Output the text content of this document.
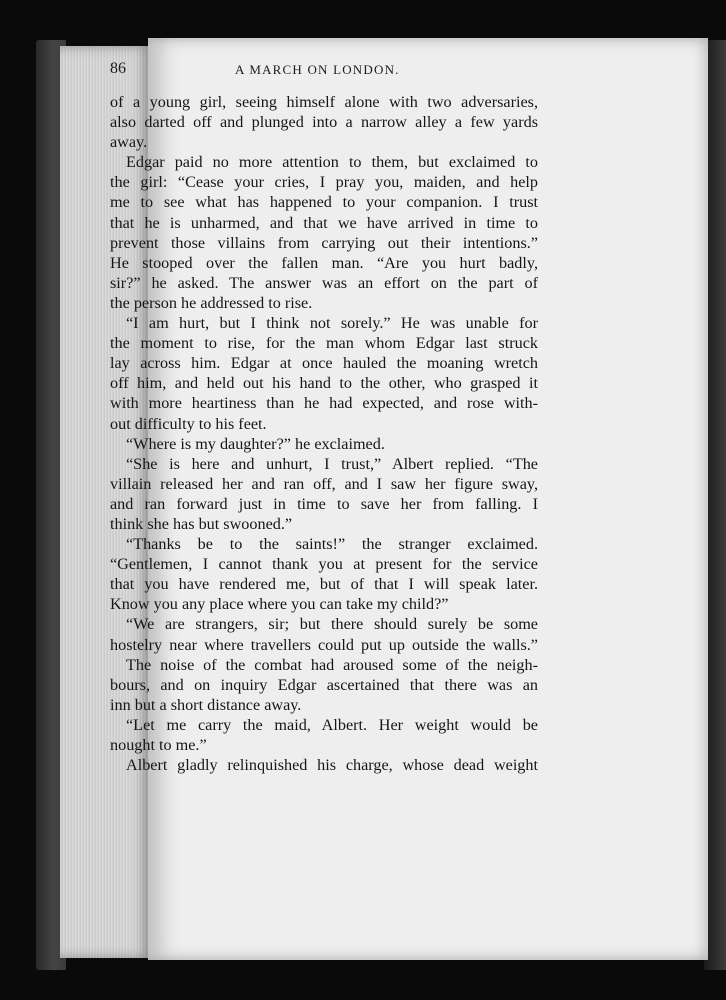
86	A MARCH ON LONDON.
of a young girl, seeing himself alone with two adversaries,
also darted off and plunged into a narrow alley a few yards
away.
Edgar paid no more attention to them, but exclaimed to
the girl: “Cease your cries, I pray you, maiden, and help
me to see what has happened to your companion. I trust
that he is unharmed, and that we have arrived in time to
prevent those villains from carrying out their intentions.”
He stooped over the fallen man. “Are you hurt badly,
sir?” he asked. The answer was an effort on the part of
the person he addressed to rise.
“I am hurt, but I think not sorely.” He was unable for
the moment to rise, for the man whom Edgar last struck
lay across him. Edgar at once hauled the moaning wretch
off him, and held out his hand to the other, who grasped it
with more heartiness than he had expected, and rose with-
out difficulty to his feet.
“Where is my daughter?” he exclaimed.
“She is here and unhurt, I trust,” Albert replied. “The
villain released her and ran off, and I saw her figure sway,
and ran forward just in time to save her from falling. I
think she has but swooned.”
“Thanks be to the saints!” the stranger exclaimed.
“Gentlemen, I cannot thank you at present for the service
that you have rendered me, but of that I will speak later.
Know you any place where you can take my child?”
“We are strangers, sir; but there should surely be some
hostelry near where travellers could put up outside the walls.”
The noise of the combat had aroused some of the neigh-
bours, and on inquiry Edgar ascertained that there was an
inn but a short distance away.
“Let me carry the maid, Albert. Her weight would be
nought to me.”
Albert gladly relinquished his charge, whose dead weight
